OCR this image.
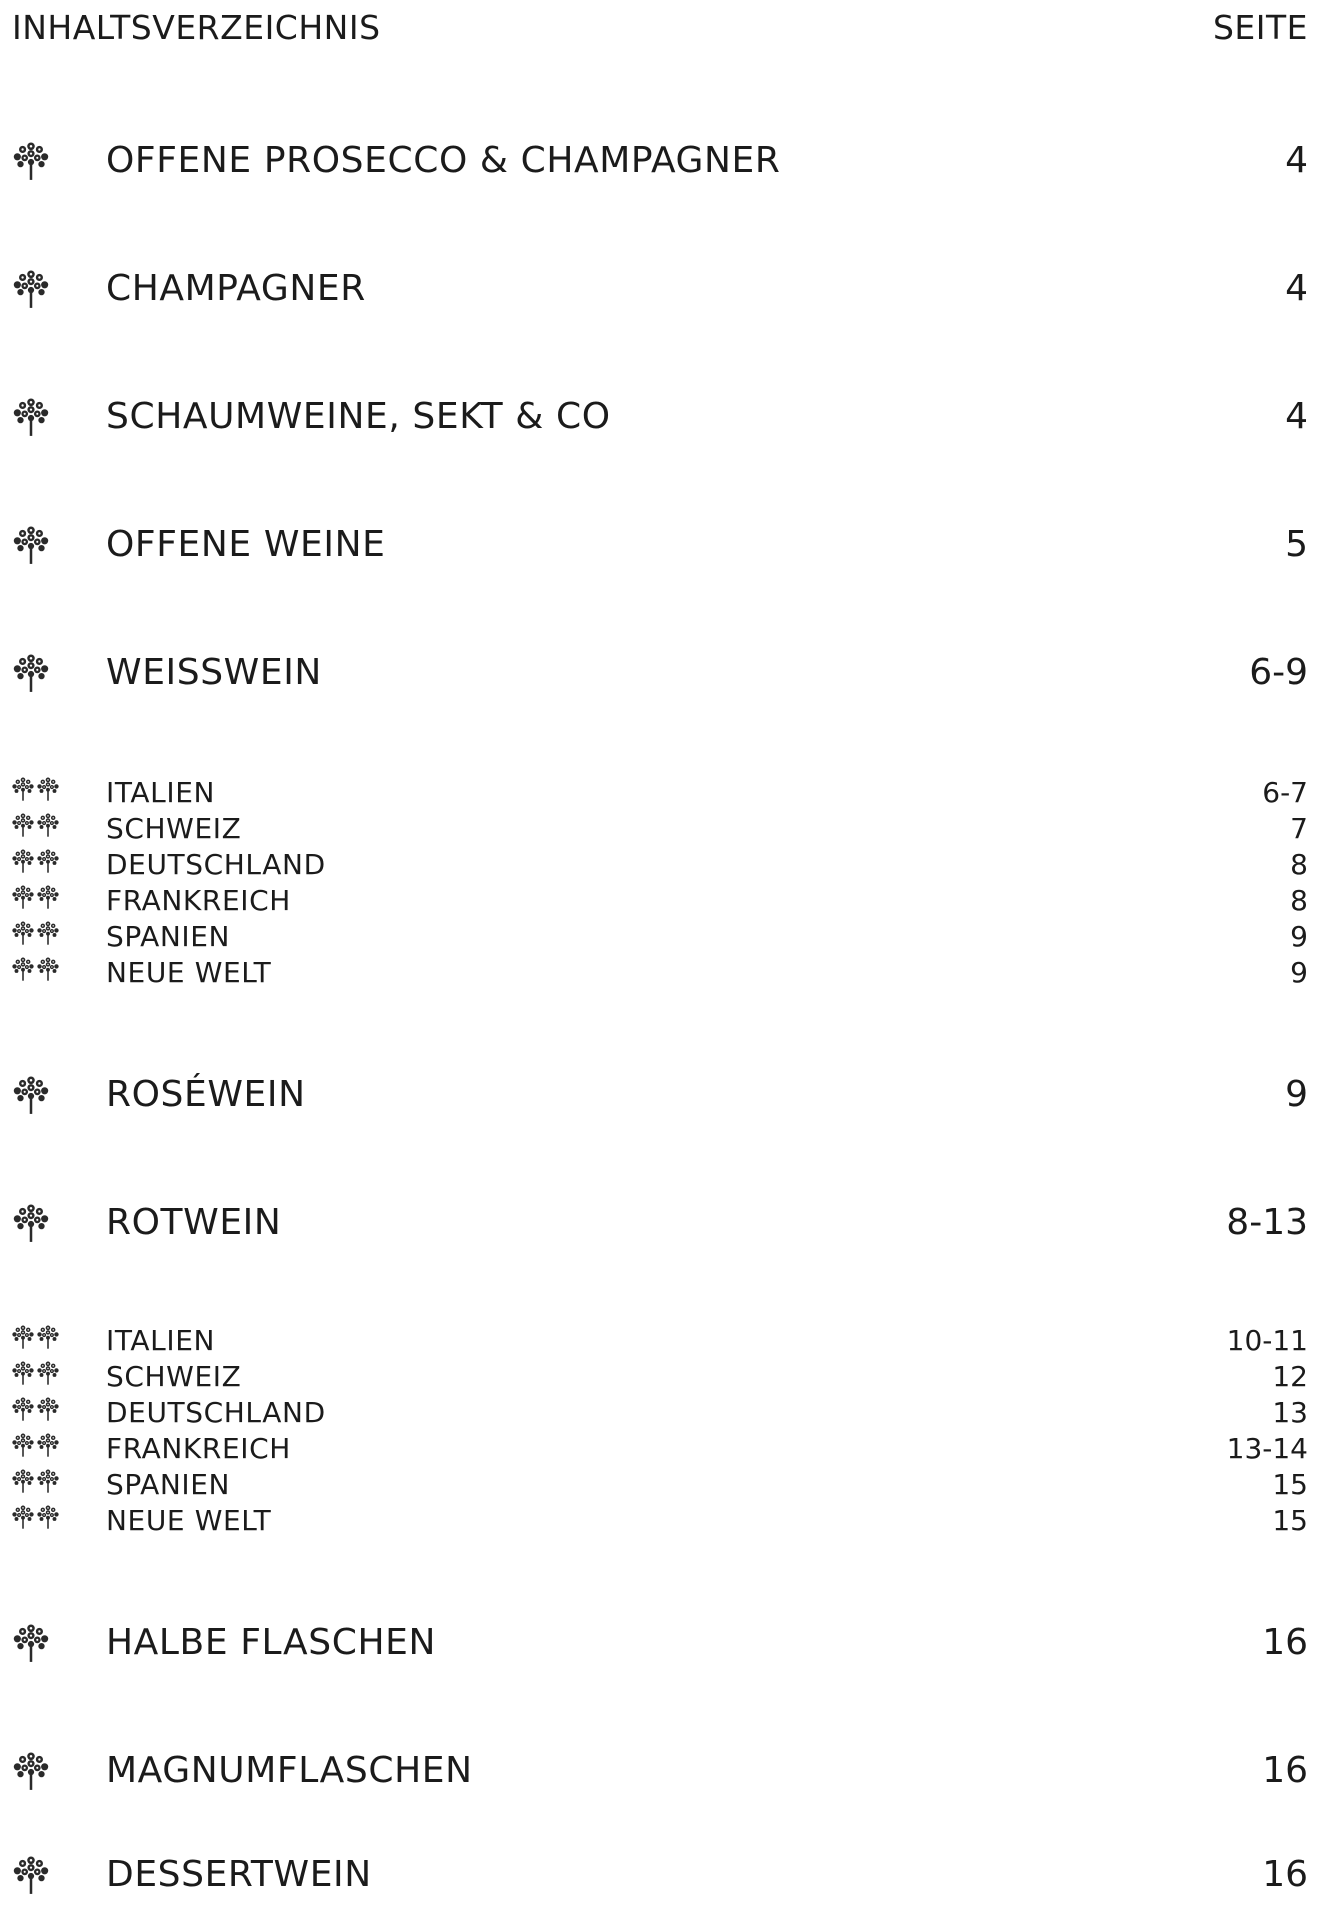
INHALTSVERZEICHNIS	SEITE
OFFENE PROSECCO & CHAMPAGNER	4
CHAMPAGNER	4
SCHAUMWEINE, SEKT & CO	4
OFFENE WEINE	5
WEISSWEIN	6-9
ITALIEN	6-7
SCHWEIZ	7
DEUTSCHLAND	8
FRANKREICH	8
SPANIEN	9
NEUE WELT	9
ROSÉWEIN	9
ROTWEIN	8-13
ITALIEN	10-11
SCHWEIZ	12
DEUTSCHLAND	13
FRANKREICH	13-14
SPANIEN	15
NEUE WELT	15
HALBE FLASCHEN	16
MAGNUMFLASCHEN	16
DESSERTWEIN	16
